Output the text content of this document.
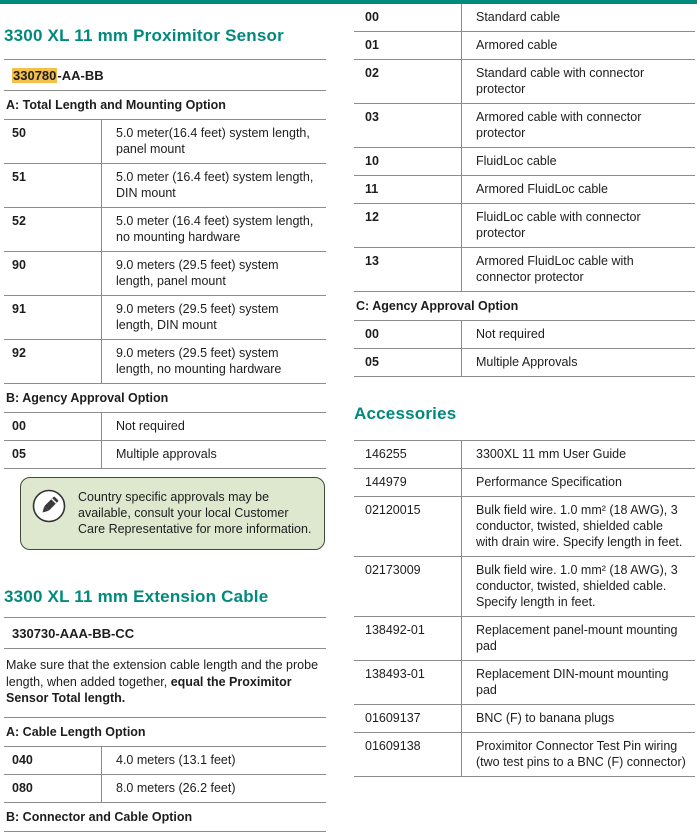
3300 XL 11 mm Proximitor Sensor
330780-AA-BB
A: Total Length and Mounting Option
50	5.0 meter(16.4 feet) system length, panel mount
51	5.0 meter (16.4 feet) system length, DIN mount
52	5.0 meter (16.4 feet) system length, no mounting hardware
90	9.0 meters (29.5 feet) system length, panel mount
91	9.0 meters (29.5 feet) system length, DIN mount
92	9.0 meters (29.5 feet) system length, no mounting hardware
B: Agency Approval Option
00	Not required
05	Multiple approvals
Country specific approvals may be available, consult your local Customer Care Representative for more information.
3300 XL 11 mm Extension Cable
330730-AAA-BB-CC
Make sure that the extension cable length and the probe length, when added together, equal the Proximitor Sensor Total length.
A: Cable Length Option
040	4.0 meters (13.1 feet)
080	8.0 meters (26.2 feet)
B: Connector and Cable Option
00	Standard cable
01	Armored cable
02	Standard cable with connector protector
03	Armored cable with connector protector
10	FluidLoc cable
11	Armored FluidLoc cable
12	FluidLoc cable with connector protector
13	Armored FluidLoc cable with connector protector
C: Agency Approval Option
00	Not required
05	Multiple Approvals
Accessories
146255	3300XL 11 mm User Guide
144979	Performance Specification
02120015	Bulk field wire. 1.0 mm² (18 AWG), 3 conductor, twisted, shielded cable with drain wire. Specify length in feet.
02173009	Bulk field wire. 1.0 mm² (18 AWG), 3 conductor, twisted, shielded cable. Specify length in feet.
138492-01	Replacement panel-mount mounting pad
138493-01	Replacement DIN-mount mounting pad
01609137	BNC (F) to banana plugs
01609138	Proximitor Connector Test Pin wiring (two test pins to a BNC (F) connector)
